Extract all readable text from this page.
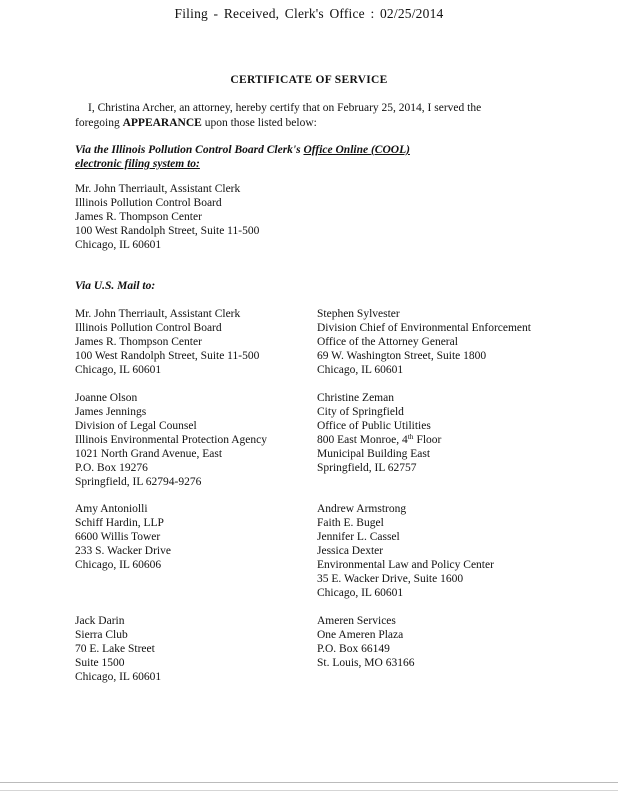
Filing - Received, Clerk's Office : 02/25/2014
CERTIFICATE OF SERVICE
I, Christina Archer, an attorney, hereby certify that on February 25, 2014, I served the
foregoing APPEARANCE upon those listed below:
Via the Illinois Pollution Control Board Clerk's Office Online (COOL)
electronic filing system to:
Mr. John Therriault, Assistant Clerk
Illinois Pollution Control Board
James R. Thompson Center
100 West Randolph Street, Suite 11-500
Chicago, IL 60601
Via U.S. Mail to:
Mr. John Therriault, Assistant Clerk
Illinois Pollution Control Board
James R. Thompson Center
100 West Randolph Street, Suite 11-500
Chicago, IL 60601
Joanne Olson
James Jennings
Division of Legal Counsel
Illinois Environmental Protection Agency
1021 North Grand Avenue, East
P.O. Box 19276
Springfield, IL 62794-9276
Amy Antoniolli
Schiff Hardin, LLP
6600 Willis Tower
233 S. Wacker Drive
Chicago, IL 60606
Jack Darin
Sierra Club
70 E. Lake Street
Suite 1500
Chicago, IL 60601
Stephen Sylvester
Division Chief of Environmental Enforcement
Office of the Attorney General
69 W. Washington Street, Suite 1800
Chicago, IL 60601
Christine Zeman
City of Springfield
Office of Public Utilities
800 East Monroe, 4th Floor
Municipal Building East
Springfield, IL 62757
Andrew Armstrong
Faith E. Bugel
Jennifer L. Cassel
Jessica Dexter
Environmental Law and Policy Center
35 E. Wacker Drive, Suite 1600
Chicago, IL 60601
Ameren Services
One Ameren Plaza
P.O. Box 66149
St. Louis, MO 63166
